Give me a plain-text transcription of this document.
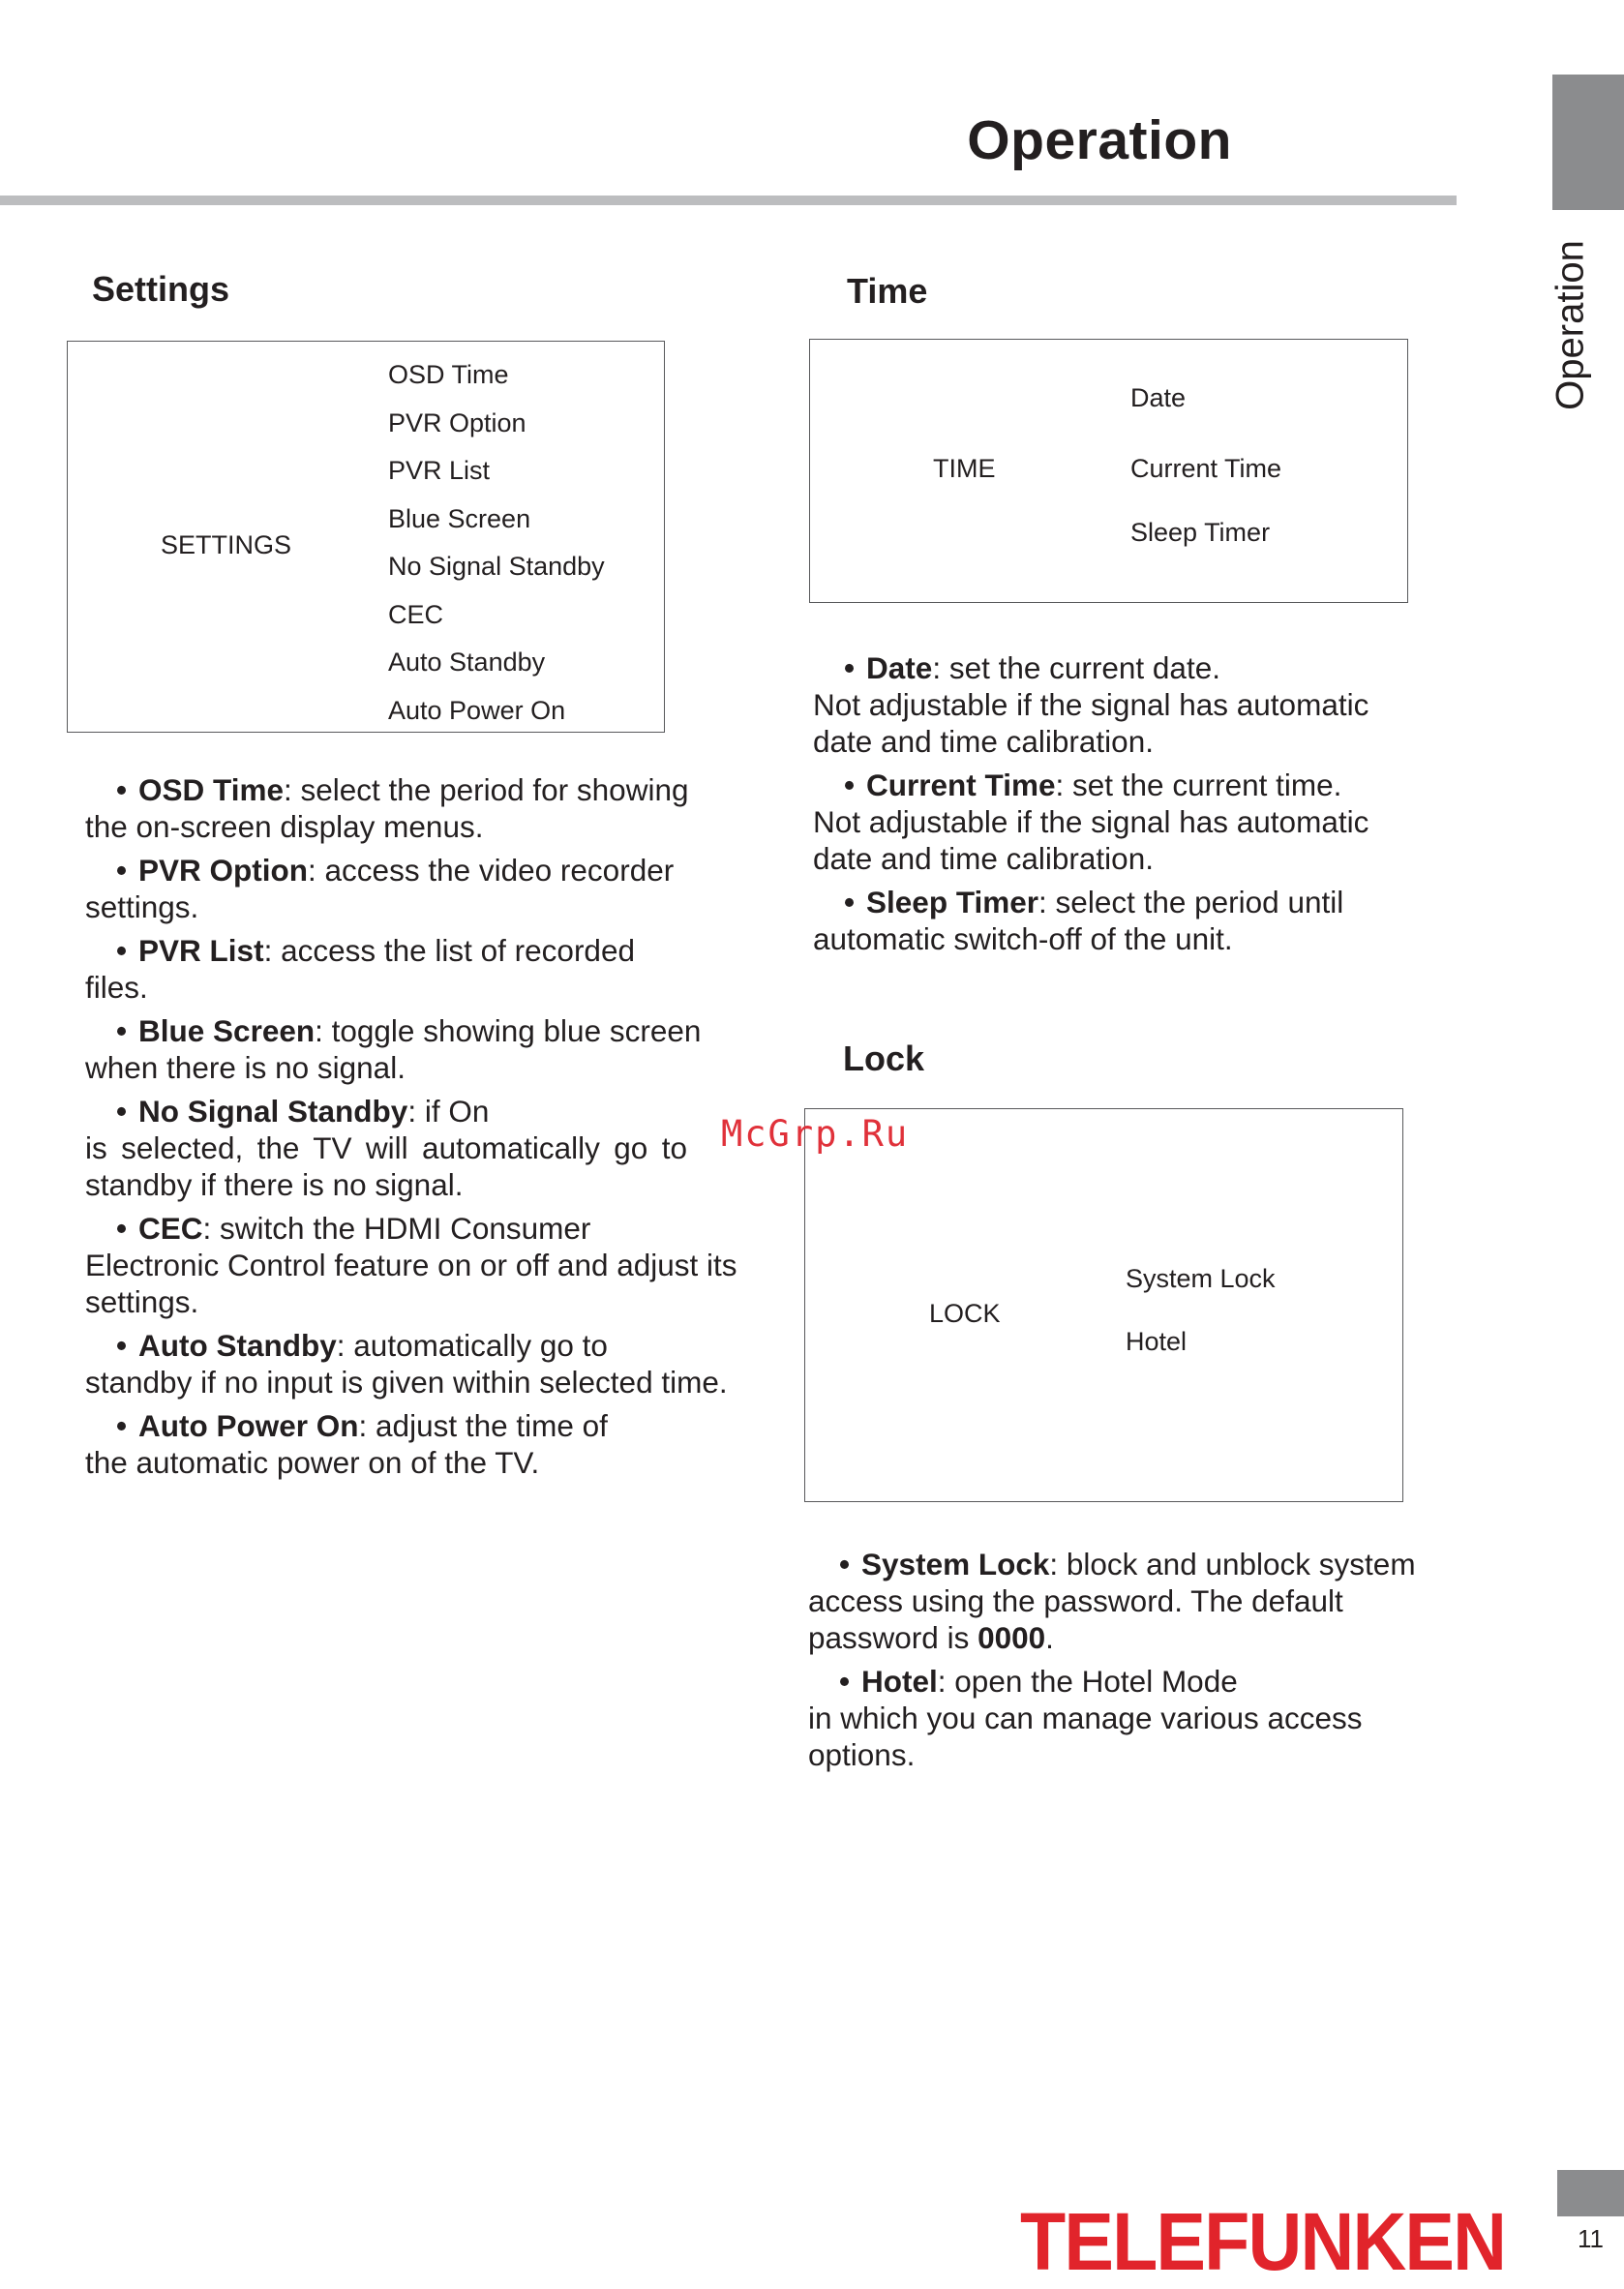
Operation
Operation
Settings
SETTINGS
OSD Time
PVR Option
PVR List
Blue Screen
No Signal Standby
CEC
Auto Standby
Auto Power On
• OSD Time: select the period for showing
the on-screen display menus.
• PVR Option: access the video recorder
settings.
• PVR List: access the list of recorded
files.
• Blue Screen: toggle showing blue screen
when there is no signal.
• No Signal Standby: if On
is selected, the TV will automatically go to
standby if there is no signal.
• CEC: switch the HDMI Consumer
Electronic Control feature on or off and adjust its settings.
• Auto Standby: automatically go to
standby if no input is given within selected time.
• Auto Power On: adjust the time of
the automatic power on of the TV.
Time
TIME
Date
Current Time
Sleep Timer
• Date: set the current date.
Not adjustable if the signal has automatic date and time calibration.
• Current Time: set the current time.
Not adjustable if the signal has automatic date and time calibration.
• Sleep Timer: select the period until
automatic switch-off of the unit.
Lock
LOCK
System Lock
Hotel
• System Lock: block and unblock system
access using the password. The default password is 0000.
• Hotel: open the Hotel Mode
in which you can manage various access options.
McGrp.Ru
TELEFUNKEN	11
